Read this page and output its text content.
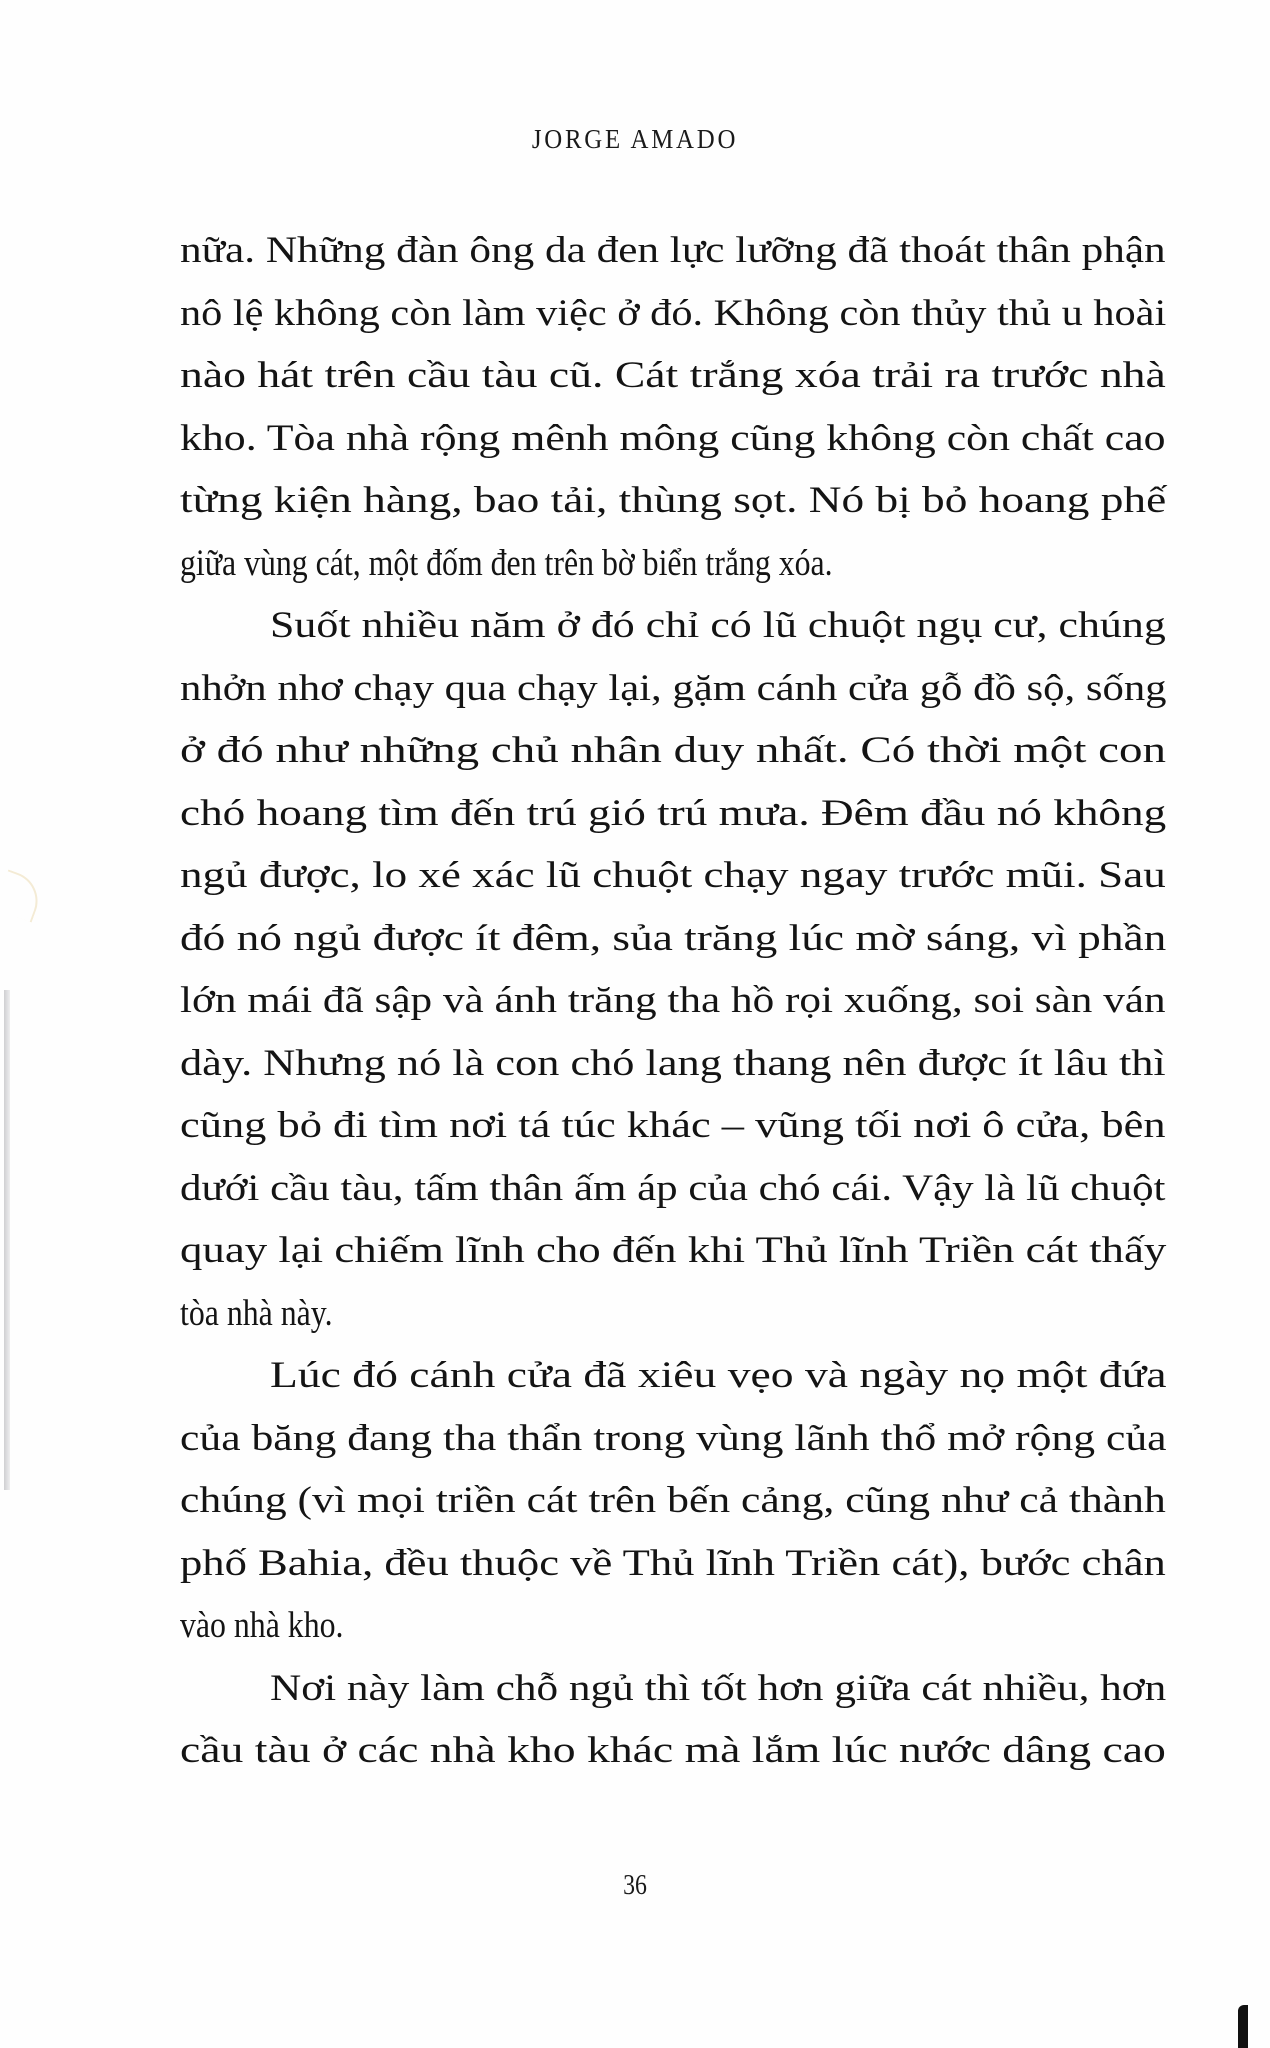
JORGE AMADO
nữa. Những đàn ông da đen lực lưỡng đã thoát thân phận
nô lệ không còn làm việc ở đó. Không còn thủy thủ u hoài
nào hát trên cầu tàu cũ. Cát trắng xóa trải ra trước nhà
kho. Tòa nhà rộng mênh mông cũng không còn chất cao
từng kiện hàng, bao tải, thùng sọt. Nó bị bỏ hoang phế
giữa vùng cát, một đốm đen trên bờ biển trắng xóa.
Suốt nhiều năm ở đó chỉ có lũ chuột ngụ cư, chúng
nhởn nhơ chạy qua chạy lại, gặm cánh cửa gỗ đồ sộ, sống
ở đó như những chủ nhân duy nhất. Có thời một con
chó hoang tìm đến trú gió trú mưa. Đêm đầu nó không
ngủ được, lo xé xác lũ chuột chạy ngay trước mũi. Sau
đó nó ngủ được ít đêm, sủa trăng lúc mờ sáng, vì phần
lớn mái đã sập và ánh trăng tha hồ rọi xuống, soi sàn ván
dày. Nhưng nó là con chó lang thang nên được ít lâu thì
cũng bỏ đi tìm nơi tá túc khác – vũng tối nơi ô cửa, bên
dưới cầu tàu, tấm thân ấm áp của chó cái. Vậy là lũ chuột
quay lại chiếm lĩnh cho đến khi Thủ lĩnh Triền cát thấy
tòa nhà này.
Lúc đó cánh cửa đã xiêu vẹo và ngày nọ một đứa
của băng đang tha thẩn trong vùng lãnh thổ mở rộng của
chúng (vì mọi triền cát trên bến cảng, cũng như cả thành
phố Bahia, đều thuộc về Thủ lĩnh Triền cát), bước chân
vào nhà kho.
Nơi này làm chỗ ngủ thì tốt hơn giữa cát nhiều, hơn
cầu tàu ở các nhà kho khác mà lắm lúc nước dâng cao
36
